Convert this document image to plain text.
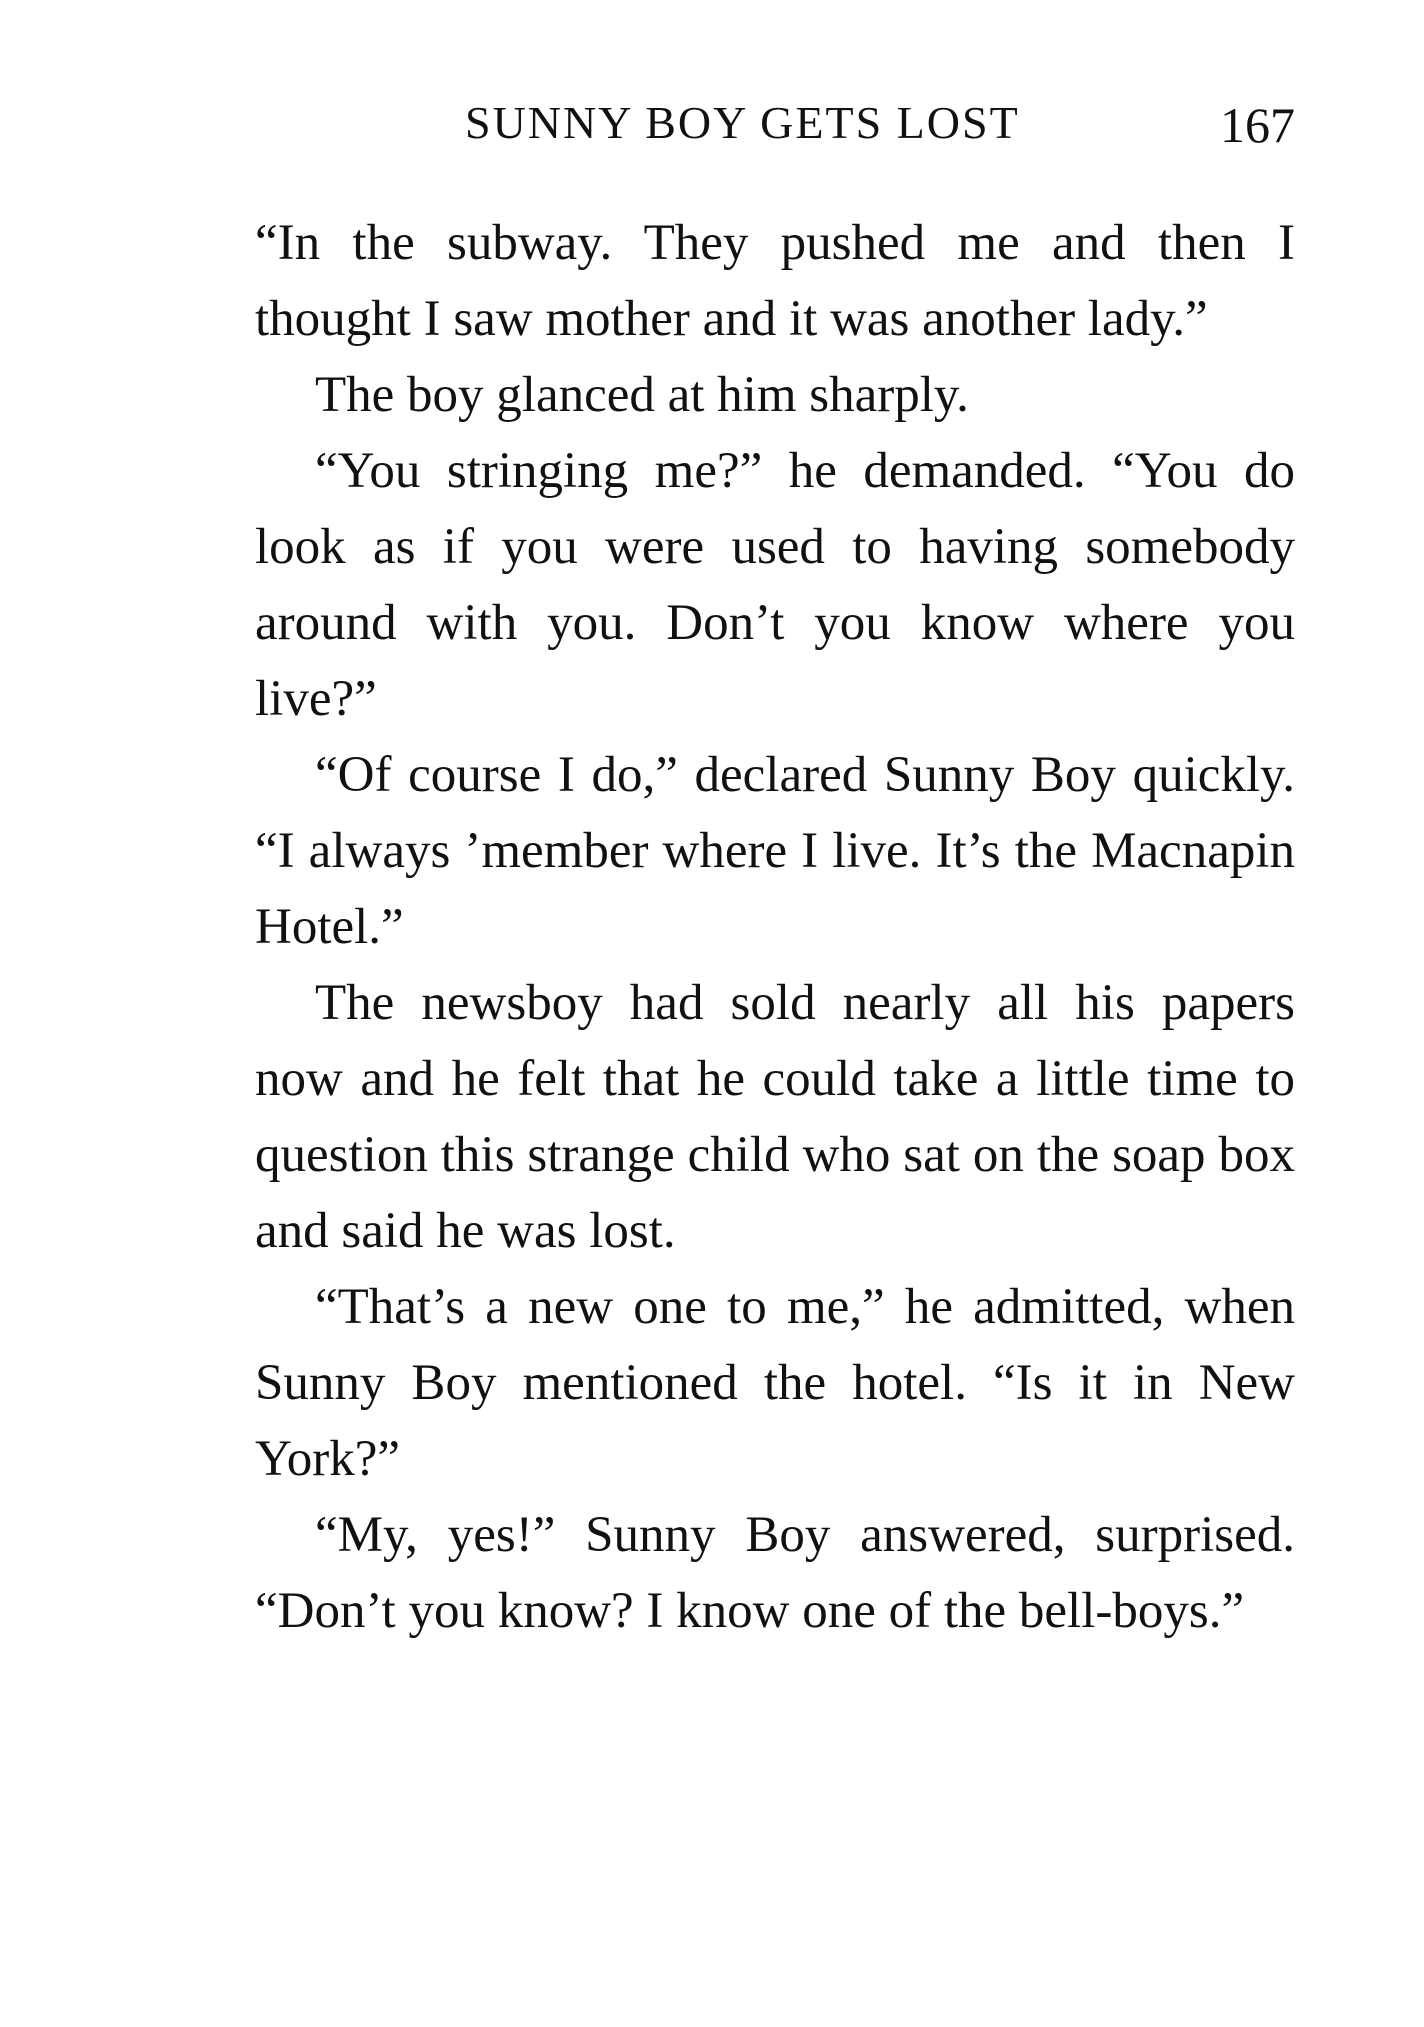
SUNNY BOY GETS LOST	167

“In the subway. They pushed me and then I thought I saw mother and it was another lady.”

The boy glanced at him sharply.

“You stringing me?” he demanded. “You do look as if you were used to having somebody around with you. Don’t you know where you live?”

“Of course I do,” declared Sunny Boy quickly. “I always ’member where I live. It’s the Macnapin Hotel.”

The newsboy had sold nearly all his papers now and he felt that he could take a little time to question this strange child who sat on the soap box and said he was lost.

“That’s a new one to me,” he admitted, when Sunny Boy mentioned the hotel. “Is it in New York?”

“My, yes!” Sunny Boy answered, surprised. “Don’t you know? I know one of the bell-boys.”
